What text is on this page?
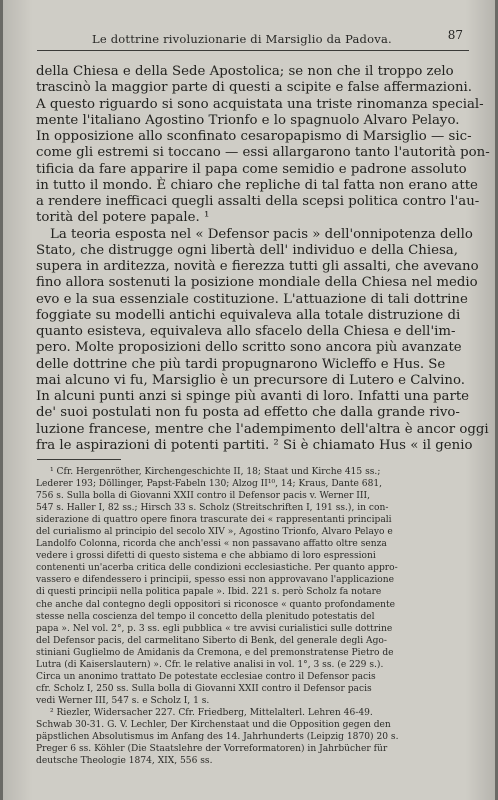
Le dottrine rivoluzionarie di Marsiglio da Padova.	87

della Chiesa e della Sede Apostolica; se non che il troppo zelo
trascinò la maggior parte di questi a scipite e false affermazioni.
A questo riguardo si sono acquistata una triste rinomanza special-
mente l'italiano Agostino Trionfo e lo spagnuolo Alvaro Pelayo.
In opposizione allo sconfinato cesaropapismo di Marsiglio — sic-
come gli estremi si toccano — essi allargarono tanto l'autorità pon-
tificia da fare apparire il papa come semidio e padrone assoluto
in tutto il mondo. È chiaro che repliche di tal fatta non erano atte
a rendere inefficaci quegli assalti della scepsi politica contro l'au-
torità del potere papale. ¹

La teoria esposta nel « Defensor pacis » dell'onnipotenza dello
Stato, che distrugge ogni libertà dell' individuo e della Chiesa,
supera in arditezza, novità e fierezza tutti gli assalti, che avevano
fino allora sostenuti la posizione mondiale della Chiesa nel medio
evo e la sua essenziale costituzione. L'attuazione di tali dottrine
foggiate su modelli antichi equivaleva alla totale distruzione di
quanto esisteva, equivaleva allo sfacelo della Chiesa e dell'im-
pero. Molte proposizioni dello scritto sono ancora più avanzate
delle dottrine che più tardi propugnarono Wicleffo e Hus. Se
mai alcuno vi fu, Marsiglio è un precursore di Lutero e Calvino.
In alcuni punti anzi si spinge più avanti di loro. Infatti una parte
de' suoi postulati non fu posta ad effetto che dalla grande rivo-
luzione francese, mentre che l'adempimento dell'altra è ancor oggi
fra le aspirazioni di potenti partiti. ² Si è chiamato Hus « il genio

¹ Cfr. Hergenröther, Kirchengeschichte II, 18; Staat und Kirche 415 ss.;
Lederer 193; Döllinger, Papst-Fabeln 130; Alzog II¹⁰, 14; Kraus, Dante 681,
756 s. Sulla bolla di Giovanni XXII contro il Defensor pacis v. Werner III,
547 s. Haller I, 82 ss.; Hirsch 33 s. Scholz (Streitschriften I, 191 ss.), in con-
siderazione di quattro opere finora trascurate dei « rappresentanti principali
del curialismo al principio del secolo XIV », Agostino Trionfo, Alvaro Pelayo e
Landolfo Colonna, ricorda che anch'essi « non passavano affatto oltre senza
vedere i grossi difetti di questo sistema e che abbiamo di loro espressioni
contenenti un'acerba critica delle condizioni ecclesiastiche. Per quanto appro-
vassero e difendessero i principii, spesso essi non approvavano l'applicazione
di questi principii nella politica papale ». Ibid. 221 s. però Scholz fa notare
che anche dal contegno degli oppositori si riconosce « quanto profondamente
stesse nella coscienza del tempo il concetto della plenitudo potestatis del
papa ». Nel vol. 2°, p. 3 ss. egli pubblica « tre avvisi curialistici sulle dottrine
del Defensor pacis, del carmelitano Siberto di Benk, del generale degli Ago-
stiniani Guglielmo de Amidanis da Cremona, e del premonstratense Pietro de
Lutra (di Kaiserslautern) ». Cfr. le relative analisi in vol. 1°, 3 ss. (e 229 s.).
Circa un anonimo trattato De potestate ecclesiae contro il Defensor pacis
cfr. Scholz I, 250 ss. Sulla bolla di Giovanni XXII contro il Defensor pacis
vedi Werner III, 547 s. e Scholz I, 1 s.
² Riezler, Widersacher 227. Cfr. Friedberg, Mittelalterl. Lehren 46-49.
Schwab 30-31. G. V. Lechler, Der Kirchenstaat und die Opposition gegen den
päpstlichen Absolutismus im Anfang des 14. Jahrhunderts (Leipzig 1870) 20 s.
Preger 6 ss. Köhler (Die Staatslehre der Vorreformatoren) in Jahrbücher für
deutsche Theologie 1874, XIX, 556 ss.
